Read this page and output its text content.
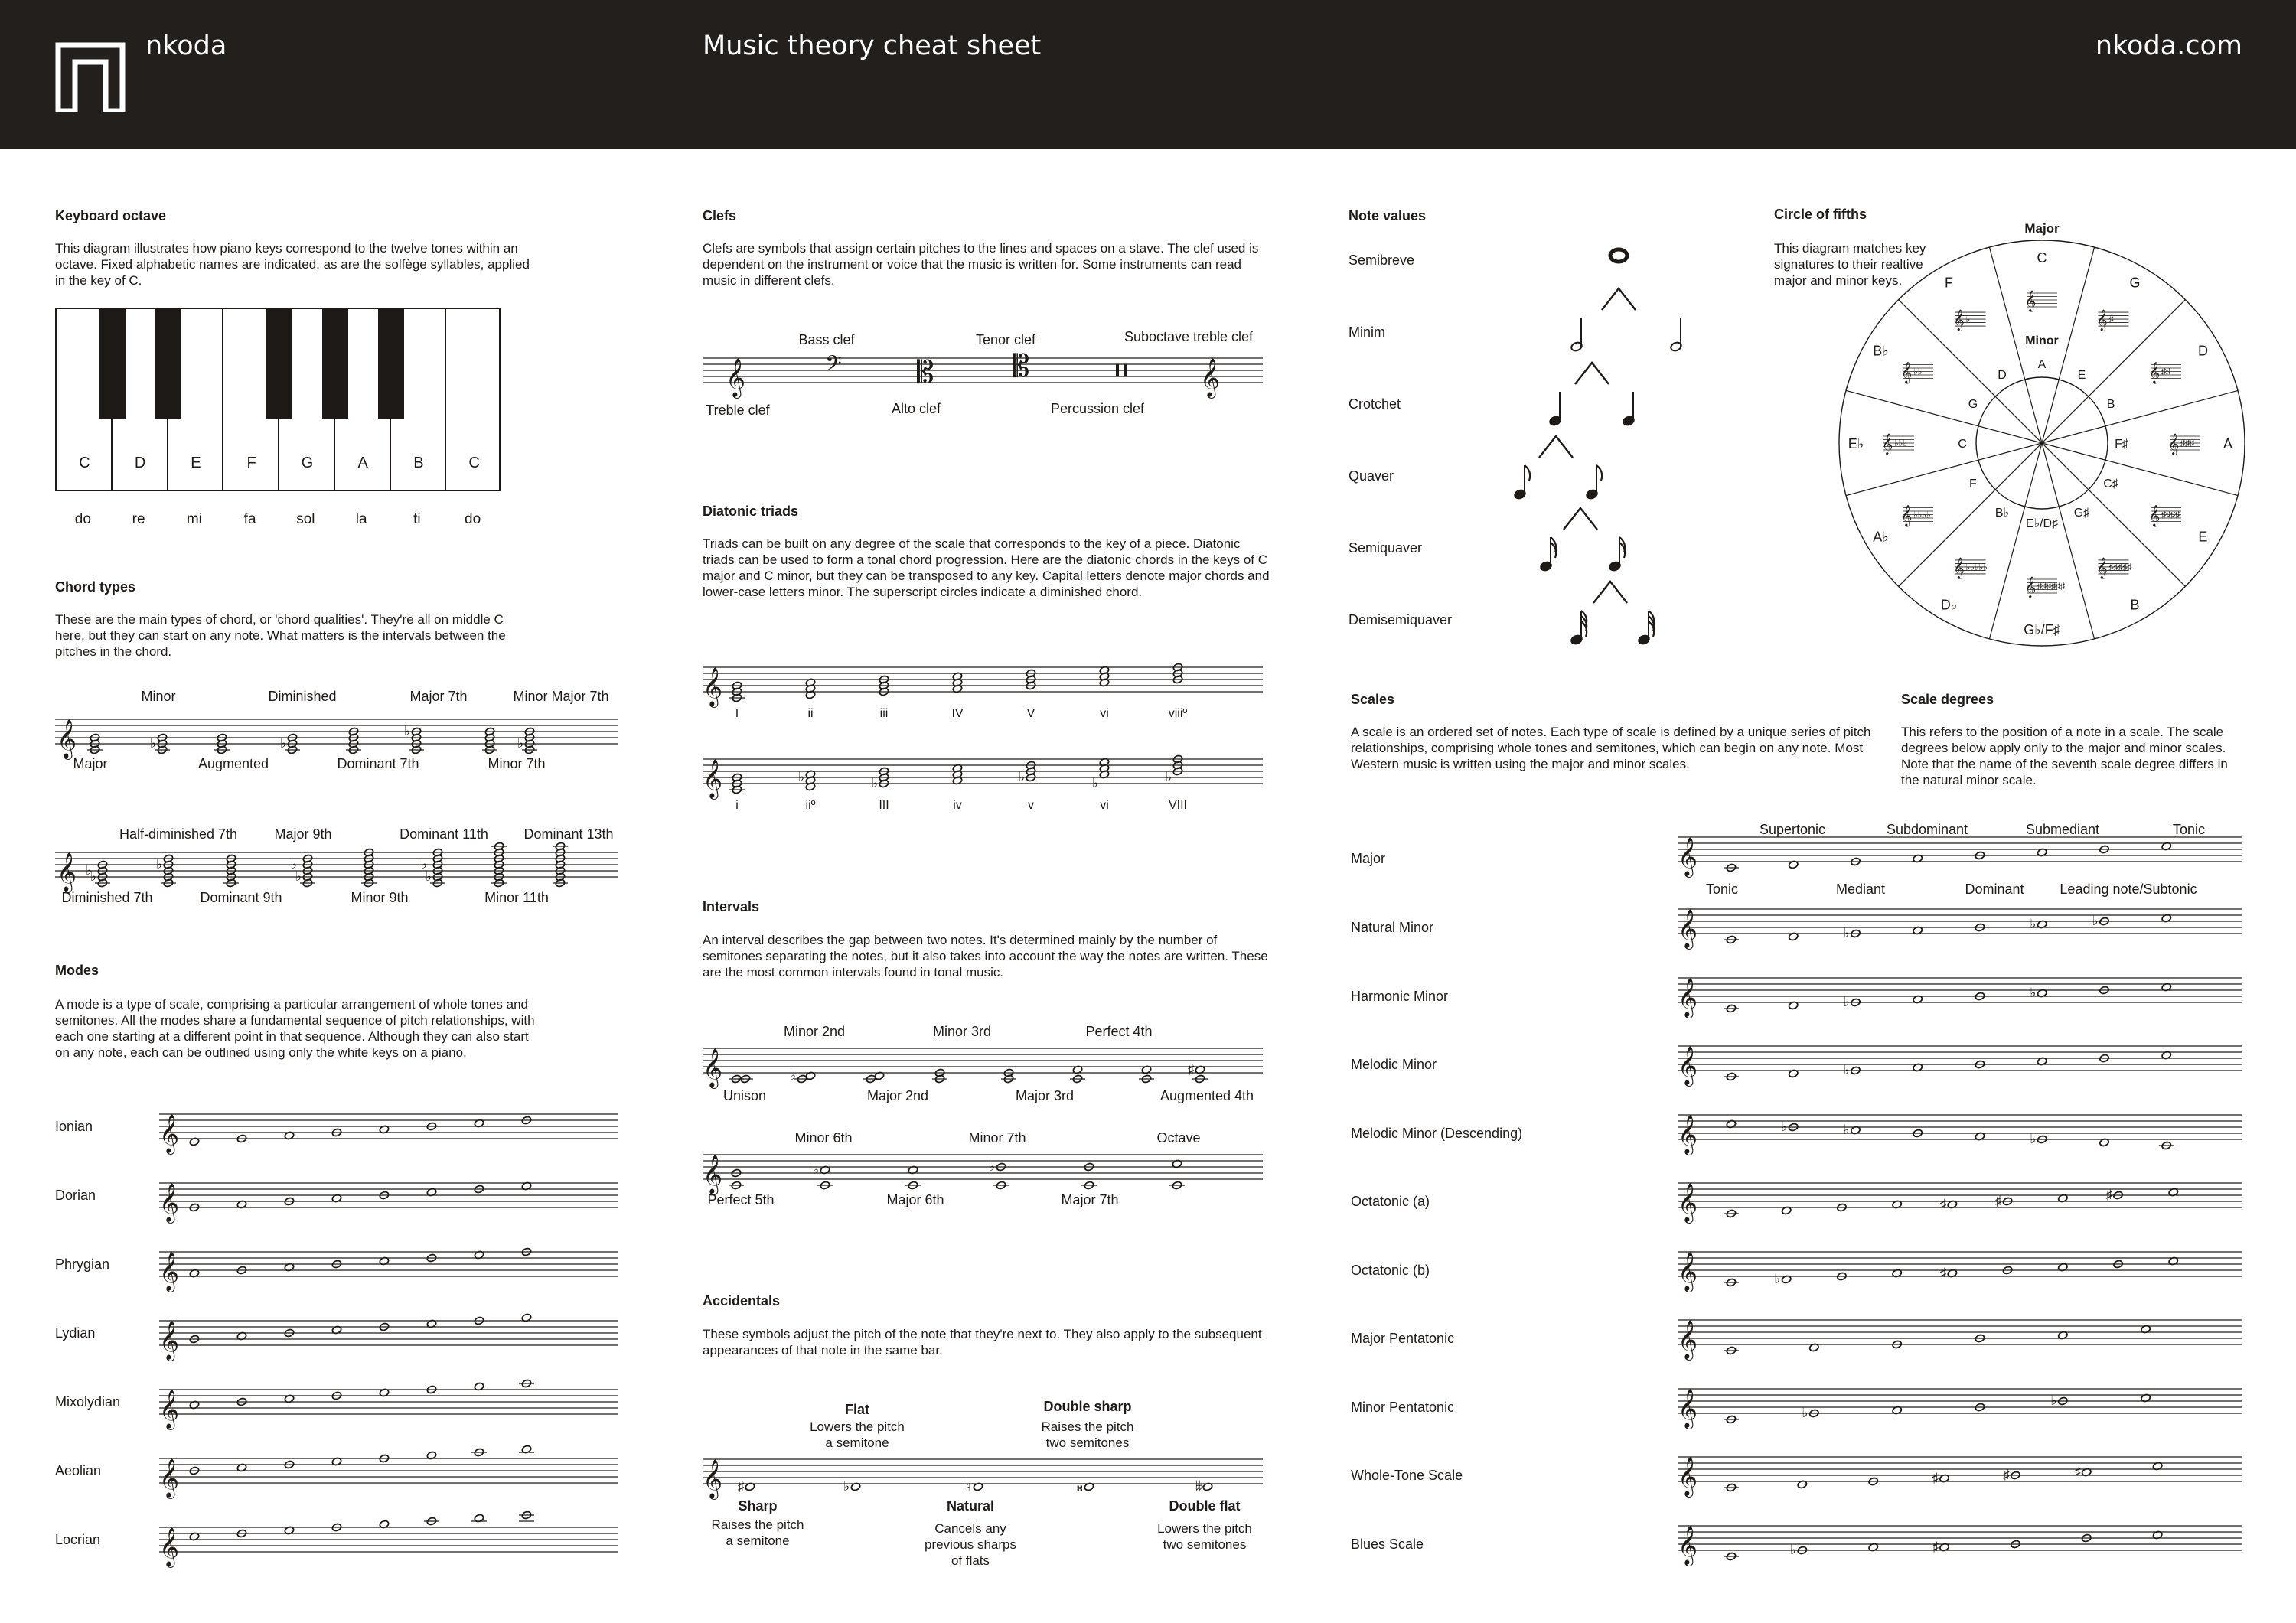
nkoda	Music theory cheat sheet	nkoda.com
Keyboard octave

This diagram illustrates how piano keys correspond to the twelve tones within an octave. Fixed alphabetic names are indicated, as are the solfège syllables, applied in the key of C.

C	D	E	F	G	A	B	C
do	re	mi	fa	sol	la	ti	do
Chord types

These are the main types of chord, or 'chord qualities'. They're all on middle C here, but they can start on any note. What matters is the intervals between the pitches in the chord.

Minor	Diminished	Major 7th	Minor Major 7th
𝄞	♭	♭
♭
♭
Major	Augmented	Dominant 7th	Minor 7th
Half-diminished 7th	Major 9th	Dominant 11th	Dominant 13th
𝄞 ♭
♭	♭
♭
♭
♭
♭
Diminished 7th	Dominant 9th	Minor 9th	Minor 11th
Modes

A mode is a type of scale, comprising a particular arrangement of whole tones and semitones. All the modes share a fundamental sequence of pitch relationships, with each one starting at a different point in that sequence. Although they can also start on any note, each can be outlined using only the white keys on a piano.

Ionian 𝄞
Dorian 𝄞
Phrygian 𝄞
Lydian 𝄞
Mixolydian 𝄞
Aeolian 𝄞
Locrian 𝄞
Clefs

Clefs are symbols that assign certain pitches to the lines and spaces on a stave. The clef used is dependent on the instrument or voice that the music is written for. Some instruments can read music in different clefs.

Bass clef	Tenor clef	Suboctave treble clef
𝄞	𝄢 𝄡	𝄡	𝄞
Treble clef	Alto clef	Percussion clef
Diatonic triads

Triads can be built on any degree of the scale that corresponds to the key of a piece. Diatonic triads can be used to form a tonal chord progression. Here are the diatonic chords in the keys of C major and C minor, but they can be transposed to any key. Capital letters denote major chords and lower-case letters minor. The superscript circles indicate a diminished chord.

𝄞
I	ii	iii	IV	V	vi	viiiº
𝄞	♭	♭	♭	♭	♭
i	iiº	III	iv	v	vi	VIII
Intervals

An interval describes the gap between two notes. It's determined mainly by the number of semitones separating the notes, but it also takes into account the way the notes are written. These are the most common intervals found in tonal music.

Minor 2nd	Minor 3rd	Perfect 4th
𝄞	♭	♯
Unison	Major 2nd	Major 3rd	Augmented 4th
Minor 6th	Minor 7th	Octave
𝄞	♭	♭
Perfect 5th	Major 6th	Major 7th
Accidentals

These symbols adjust the pitch of the note that they're next to. They also apply to the subsequent appearances of that note in the same bar.

Flat
Lowers the pitch
a semitone
Double sharp
Raises the pitch
two semitones
𝄞 ♯	♭	♮	𝄪	𝄫
Sharp
Raises the pitch
a semitone
Natural
Cancels any
previous sharps
of flats
Double flat
Lowers the pitch
two semitones
Note values
Semibreve
Minim
Crotchet
Quaver
Semiquaver
Demisemiquaver
Circle of fifths

This diagram matches key signatures to their realtive major and minor keys.

Major
Minor
C
A
𝄞
G
E
𝄞 ♯
D
B
𝄞 ♯♯
A
F♯ 𝄞 ♯♯♯
E
C♯
𝄞 ♯♯♯♯
B
G♯
𝄞 ♯♯♯♯♯
G♭/F♯
E♭/D♯
𝄞 ♯♯♯♯♯♯
D♭
B♭
𝄞 ♭♭♭♭♭
A♭
F
𝄞 ♭♭♭♭
E♭	C
𝄞 ♭♭♭
B♭
G
𝄞 ♭♭
F
D
𝄞 ♭
Scales

A scale is an ordered set of notes. Each type of scale is defined by a unique series of pitch relationships, comprising whole tones and semitones, which can begin on any note. Most Western music is written using the major and minor scales.

Scale degrees

This refers to the position of a note in a scale. The scale degrees below apply only to the major and minor scales. Note that the name of the seventh scale degree differs in the natural minor scale.

Supertonic	Subdominant	Submediant	Tonic
Tonic	Mediant	Dominant	Leading note/Subtonic
Major	𝄞
Natural Minor	𝄞	♭
♭	♭
Harmonic Minor	𝄞	♭
♭
Melodic Minor	𝄞	♭
Melodic Minor (Descending)	𝄞	♭	♭
♭
Octatonic (a)	𝄞	♯	♯	♯
Octatonic (b)	𝄞	♭	♯
Major Pentatonic	𝄞
Minor Pentatonic	𝄞	♭
♭
Whole-Tone Scale	𝄞	♯	♯	♯
Blues Scale	𝄞	♭	♯
